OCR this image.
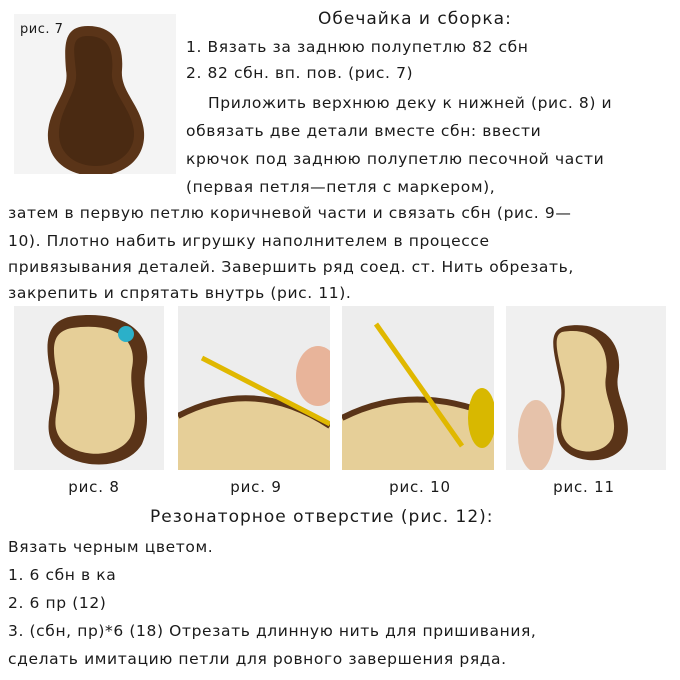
рис. 7
Обечайка и сборка:
1. Вязать за заднюю полупетлю 82 сбн
2. 82 сбн. вп. пов. (рис. 7)
Приложить верхнюю деку к нижней (рис. 8) и
обвязать две детали вместе сбн: ввести
крючок под заднюю полупетлю песочной части
(первая петля—петля с маркером),
затем в первую петлю коричневой части и связать сбн (рис. 9—
10). Плотно набить игрушку наполнителем в процессе
привязывания деталей. Завершить ряд соед. ст. Нить обрезать,
закрепить и спрятать внутрь (рис. 11).
рис. 8	рис. 9	рис. 10	рис. 11
Резонаторное отверстие (рис. 12):
Вязать черным цветом.
1. 6 сбн в ка
2. 6 пр (12)
3. (сбн, пр)*6 (18) Отрезать длинную нить для пришивания,
сделать имитацию петли для ровного завершения ряда.
